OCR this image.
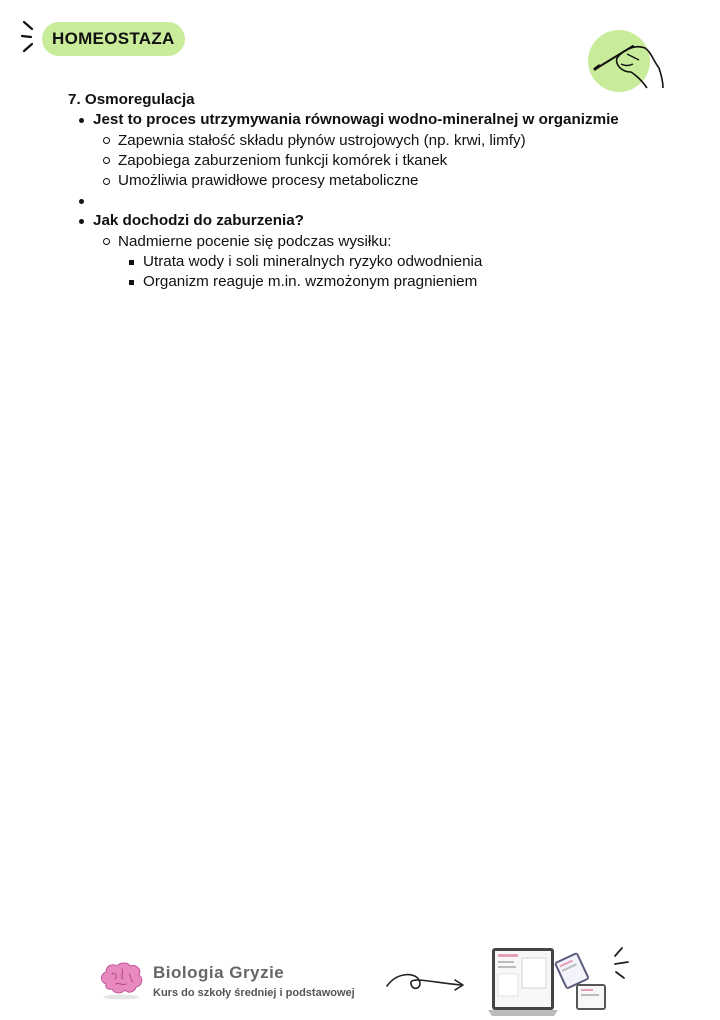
HOMEOSTAZA

7. Osmoregulacja

Jest to proces utrzymywania równowagi wodno-mineralnej w organizmie
Zapewnia stałość składu płynów ustrojowych (np. krwi, limfy)
Zapobiega zaburzeniom funkcji komórek i tkanek
Umożliwia prawidłowe procesy metaboliczne
Jak dochodzi do zaburzenia?
Nadmierne pocenie się podczas wysiłku:
Utrata wody i soli mineralnych ryzyko odwodnienia
Organizm reaguje m.in. wzmożonym pragnieniem
Biologia Gryzie
Kurs do szkoły średniej i podstawowej
